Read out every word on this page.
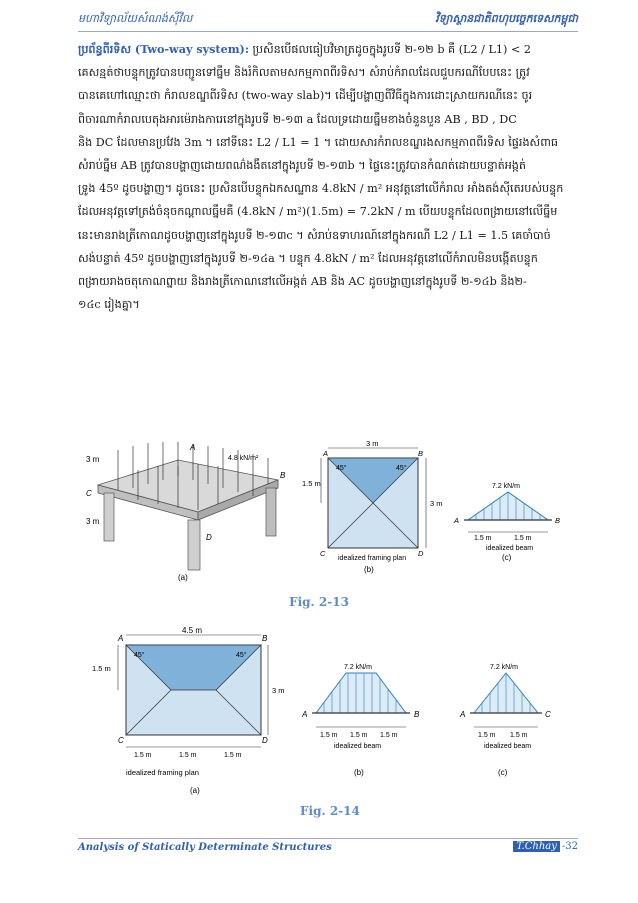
មហាវិទ្យាល័យសំណង់ស៊ីវិល	វិទ្យាស្ថានជាតិពហុបច្ចេកទេសកម្ពុជា
ប្រព័ន្ធពីរទិស (Two-way system): ប្រសិនបើផលធៀបវិមាត្រដូចក្នុងរូបទី ២-១២ b គឺ (L2 / L1) < 2
គេសន្មត់ថាបន្ទុកត្រូវបានបញ្ជូនទៅធ្នឹម និងរំកិលតាមសកម្មភាពពីរទិស។ សំរាប់កំរាលដែលជួបករណីបែបនេះ ត្រូវ
បានគេហៅឈ្មោះថា កំរាលខណ្ឌពីរទិស (two-way slab)។ ដើម្បីបង្ហាញពីវិធីក្នុងការដោះស្រាយករណីនេះ ចូរ
ពិចារណាកំរាលបេតុងអារម៉េរាងការេនៅក្នុងរូបទី ២-១៣ a ដែលទ្រដោយធ្នឹមខាងចំនួនបួន AB , BD , DC
និង DC ដែលមានប្រវែង 3m ។ នៅទីនេះ L2 / L1 = 1 ។ ដោយសារកំរាលខណ្ឌរងសកម្មភាពពីរទិស ផ្ទៃរងសំពាធ
សំរាប់ធ្នឹម AB ត្រូវបានបង្ហាញដោយពណ៌ងងឹតនៅក្នុងរូបទី ២-១៣b ។ ផ្ទៃនេះត្រូវបានកំណត់ដោយបន្ទាត់អង្កត់
ទ្រូង 45º ដូចបង្ហាញ។ ដូចនេះ ប្រសិនបើបន្ទុកឯកសណ្ឋាន 4.8kN / m² អនុវត្តនៅលើកំរាល អាំងតង់ស៊ីតេរបស់បន្ទុក
ដែលអនុវត្តទៅត្រង់ចំនុចកណ្ដាលធ្នឹមគឺ (4.8kN / m²)(1.5m) = 7.2kN / m បើយបន្ទុកដែលពង្រាយនៅលើធ្នឹម
នេះមានរាងត្រីកោណដូចបង្ហាញនៅក្នុងរូបទី ២-១៣c ។ សំរាប់ឧទាហរណ៍នៅក្នុងករណី L2 / L1 = 1.5 គេចាំបាច់
សង់បន្ទាត់ 45º ដូចបង្ហាញនៅក្នុងរូបទី ២-១៤a ។ បន្ទុក 4.8kN / m² ដែលអនុវត្តនៅលើកំរាលមិនបង្កើតបន្ទុក
ពង្រាយរាងចតុកោណព្នាយ និងរាងត្រីកោណនៅលើអង្កត់ AB និង AC ដូចបង្ហាញនៅក្នុងរូបទី ២-១៤b និង២-
១៤c រៀងគ្នា។
3 m
3 m
4.8 kN/m²
A
B
C
D
(a)
3 m
1.5 m
3 m
45°	45°
A	B
C	D
idealized framing plan
(b)
7.2 kN/m
A	B
1.5 m	1.5 m
idealized beam
(c)
Fig. 2-13
4.5 m
1.5 m
3 m
45°	45°
A	B
C	D
1.5 m	1.5 m	1.5 m
idealized framing plan
(a)
7.2 kN/m
A	B
1.5 m 1.5 m 1.5 m
idealized beam
(b)
7.2 kN/m
A	C
1.5 m 1.5 m
idealized beam
(c)
Fig. 2-14
Analysis of Statically Determinate Structures	T.Chhay -32
